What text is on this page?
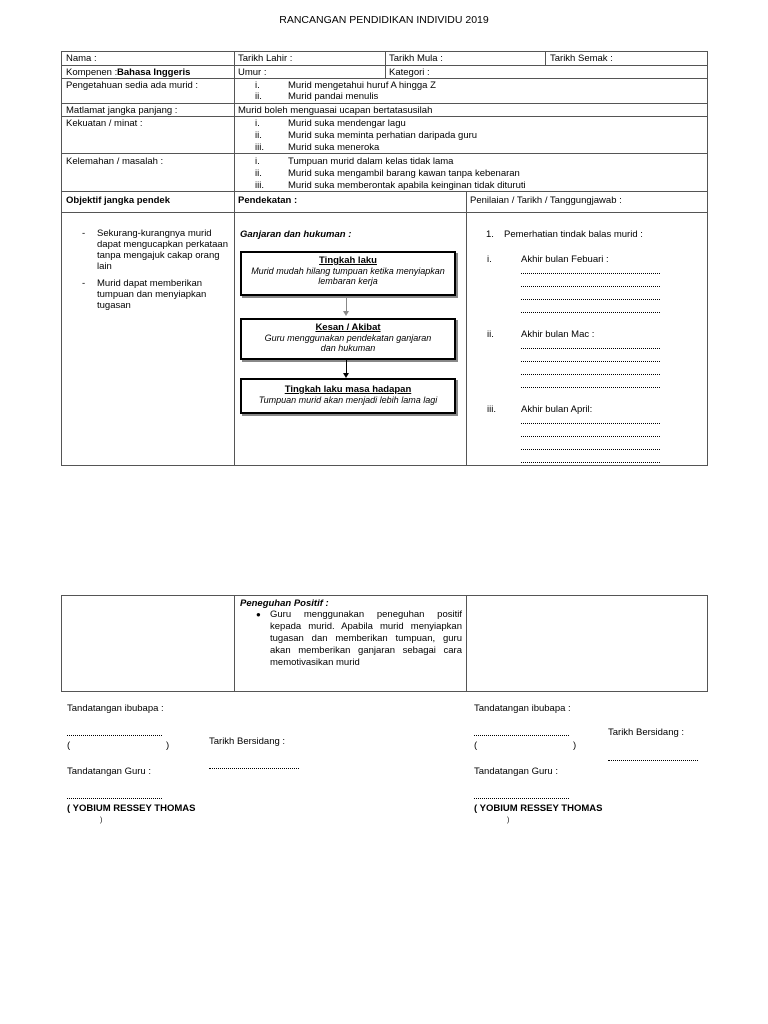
RANCANGAN PENDIDIKAN INDIVIDU 2019
Nama :	Tarikh Lahir :	Tarikh Mula :	Tarikh Semak :
Kompenen : Bahasa Inggeris	Umur :	Kategori :
Pengetahuan sedia ada murid :	i.	Murid mengetahui huruf A hingga Z
ii.	Murid pandai menulis
Matlamat jangka panjang :	Murid boleh menguasai ucapan bertatasusilah
Kekuatan / minat :	i.	Murid suka mendengar lagu
ii.	Murid suka meminta perhatian daripada guru
iii.	Murid suka meneroka
Kelemahan / masalah :	i.	Tumpuan murid dalam kelas tidak lama
ii.	Murid suka mengambil barang kawan tanpa kebenaran
iii.	Murid suka memberontak apabila keinginan tidak dituruti
Objektif jangka pendek	Pendekatan :	Penilaian / Tarikh / Tanggungjawab :
- Sekurang-kurangnya murid dapat mengucapkan perkataan tanpa mengajuk cakap orang lain
- Murid dapat memberikan tumpuan dan menyiapkan tugasan
Ganjaran dan hukuman :
Tingkah laku
Murid mudah hilang tumpuan ketika menyiapkan lembaran kerja
Kesan / Akibat
Guru menggunakan pendekatan ganjaran dan hukuman
Tingkah laku masa hadapan
Tumpuan murid akan menjadi lebih lama lagi
1. Pemerhatian tindak balas murid :
i.	Akhir bulan Febuari :
ii.	Akhir bulan Mac :
iii.	Akhir bulan April:
Peneguhan Positif :
● Guru menggunakan peneguhan positif kepada murid. Apabila murid menyiapkan tugasan dan memberikan tumpuan, guru akan memberikan ganjaran sebagai cara memotivasikan murid
Tandatangan ibubapa :
(	)	Tarikh Bersidang :
Tandatangan Guru :
( YOBIUM RESSEY THOMAS
)
Tandatangan ibubapa :
(	)
Tarikh Bersidang :
Tandatangan Guru :
( YOBIUM RESSEY THOMAS
)
